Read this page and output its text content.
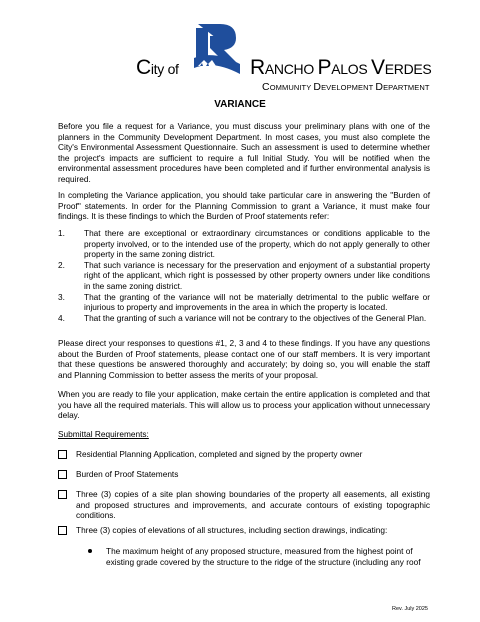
City of	RANCHO PALOS VERDES
COMMUNITY DEVELOPMENT DEPARTMENT
VARIANCE

Before you file a request for a Variance, you must discuss your preliminary plans with one of the planners in the Community Development Department. In most cases, you must also complete the City's Environmental Assessment Questionnaire. Such an assessment is used to determine whether the project's impacts are sufficient to require a full Initial Study. You will be notified when the environmental assessment procedures have been completed and if further environmental analysis is required.

In completing the Variance application, you should take particular care in answering the "Burden of Proof" statements. In order for the Planning Commission to grant a Variance, it must make four findings. It is these findings to which the Burden of Proof statements refer:

1.	That there are exceptional or extraordinary circumstances or conditions applicable to the property involved, or to the intended use of the property, which do not apply generally to other property in the same zoning district.
2.	That such variance is necessary for the preservation and enjoyment of a substantial property right of the applicant, which right is possessed by other property owners under like conditions in the same zoning district.
3.	That the granting of the variance will not be materially detrimental to the public welfare or injurious to property and improvements in the area in which the property is located.
4.	That the granting of such a variance will not be contrary to the objectives of the General Plan.

Please direct your responses to questions #1, 2, 3 and 4 to these findings. If you have any questions about the Burden of Proof statements, please contact one of our staff members. It is very important that these questions be answered thoroughly and accurately; by doing so, you will enable the staff and Planning Commission to better assess the merits of your proposal.

When you are ready to file your application, make certain the entire application is completed and that you have all the required materials. This will allow us to process your application without unnecessary delay.

Submittal Requirements:
Residential Planning Application, completed and signed by the property owner
Burden of Proof Statements
Three (3) copies of a site plan showing boundaries of the property all easements, all existing and proposed structures and improvements, and accurate contours of existing topographic conditions.
Three (3) copies of elevations of all structures, including section drawings, indicating:
The maximum height of any proposed structure, measured from the highest point of existing grade covered by the structure to the ridge of the structure (including any roof
Rev. July 2025
